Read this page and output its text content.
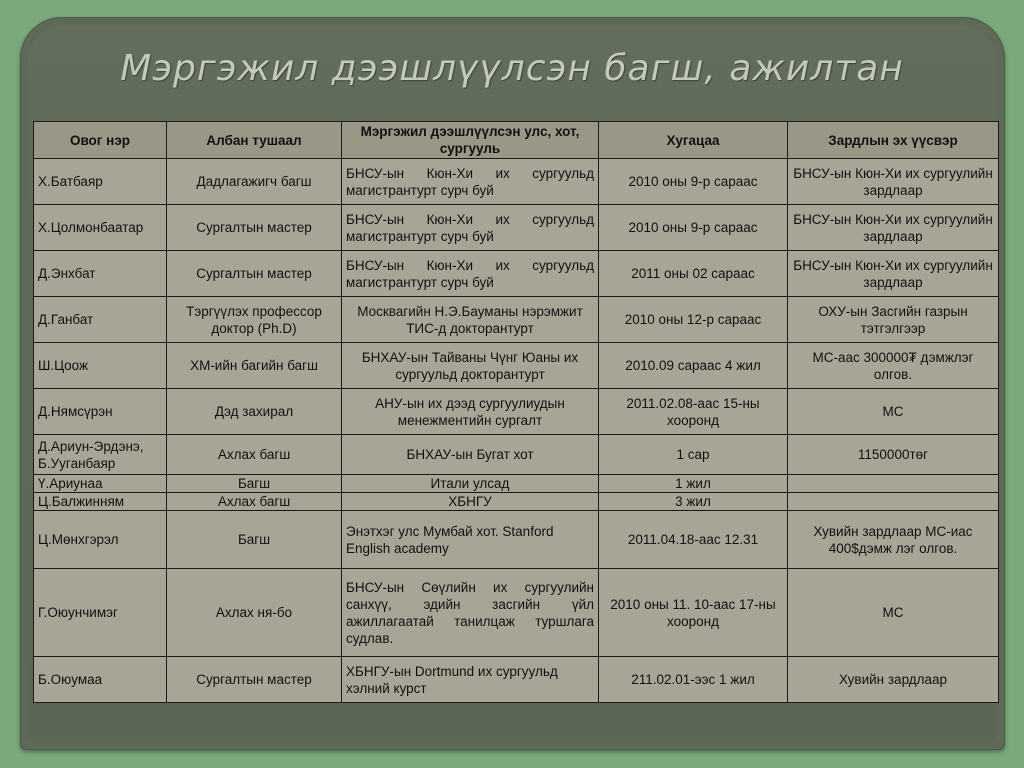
Мэргэжил дээшлүүлсэн багш, ажилтан
Овог нэр	Албан тушаал	Мэргэжил дээшлүүлсэн улс, хот, сургууль	Хугацаа	Зардлын эх үүсвэр
Х.Батбаяр	Дадлагажигч багш	БНСУ-ын Кюн-Хи их сургуульд магистрантурт сурч буй	2010 оны 9-р сараас	БНСУ-ын Кюн-Хи их сургуулийн зардлаар
Х.Цолмонбаатар	Сургалтын мастер	БНСУ-ын Кюн-Хи их сургуульд магистрантурт сурч буй	2010 оны 9-р сараас	БНСУ-ын Кюн-Хи их сургуулийн зардлаар
Д.Энхбат	Сургалтын мастер	БНСУ-ын Кюн-Хи их сургуульд магистрантурт сурч буй	2011 оны 02 сараас	БНСУ-ын Кюн-Хи их сургуулийн зардлаар
Д.Ганбат	Тэргүүлэх профессор доктор (Ph.D)	Москвагийн Н.Э.Бауманы нэрэмжит ТИС-д докторантурт	2010 оны 12-р сараас	ОХУ-ын Засгийн газрын тэтгэлгээр
Ш.Цоож	ХМ-ийн багийн багш	БНХАУ-ын Тайваны Чүнг Юаны их сургуульд докторантурт	2010.09 сараас 4 жил	МС-аас 300000₮ дэмжлэг олгов.
Д.Нямсүрэн	Дэд захирал	АНУ-ын их дээд сургуулиудын менежментийн сургалт	2011.02.08-аас 15-ны хооронд	МС
Д.Ариун-Эрдэнэ, Б.Ууганбаяр	Ахлах багш	БНХАУ-ын Бугат хот	1 сар	1150000төг
Ү.Ариунаа	Багш	Итали улсад	1 жил	
Ц.Балжинням	Ахлах багш	ХБНГУ	3 жил	
Ц.Мөнхгэрэл	Багш	Энэтхэг улс Мумбай хот. Stanford English academy	2011.04.18-аас 12.31	Хувийн зардлаар МС-иас 400$дэмж лэг олгов.
Г.Оюунчимэг	Ахлах ня-бо	БНСУ-ын Сөүлийн их сургуулийн санхүү, эдийн засгийн үйл ажиллагаатай танилцаж туршлага судлав.	2010 оны 11. 10-аас 17-ны хооронд	МС
Б.Оюумаа	Сургалтын мастер	ХБНГУ-ын Dortmund их сургуульд хэлний курст	211.02.01-ээс 1 жил	Хувийн зардлаар
